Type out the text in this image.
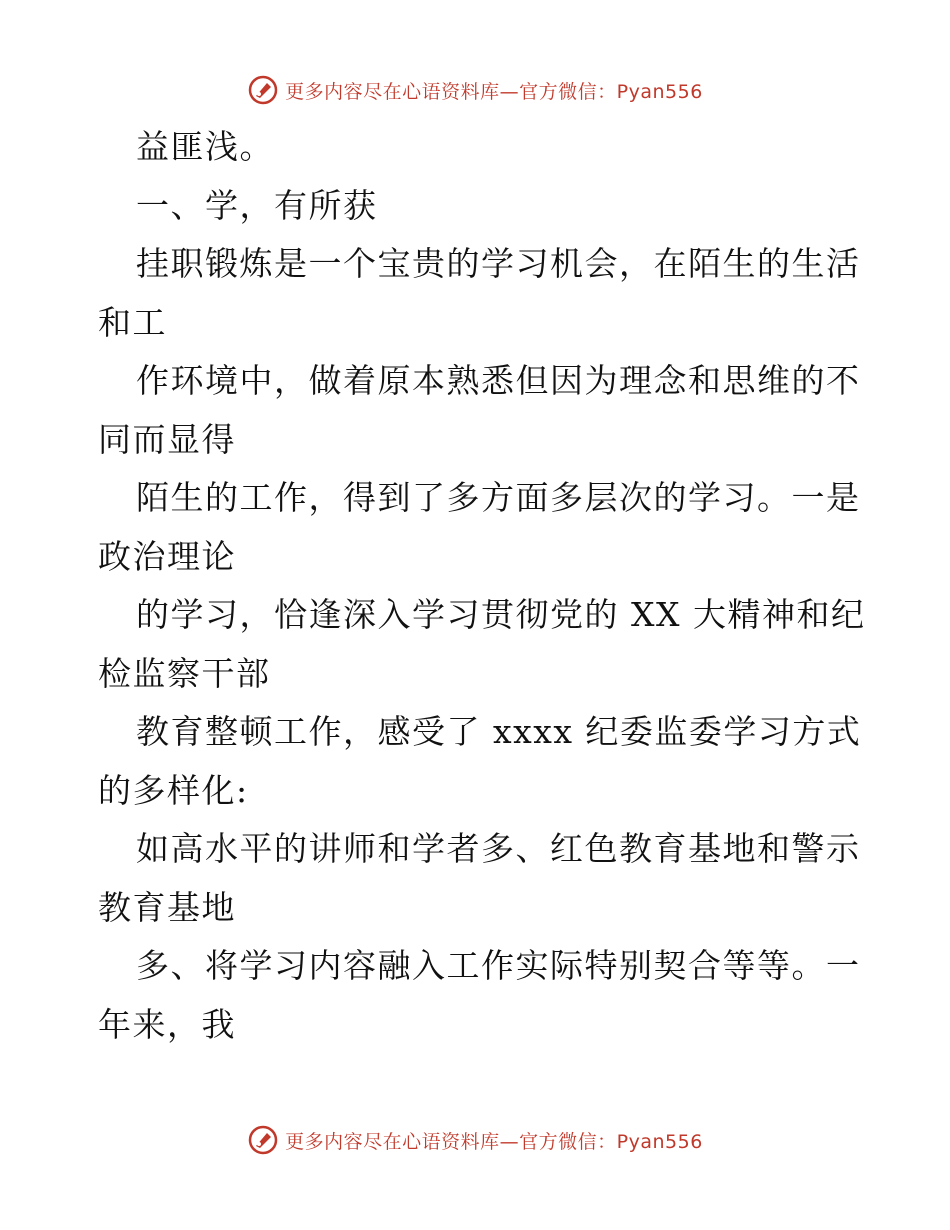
更多内容尽在心语资料库—官方微信：Pyan556
益匪浅。
一、学，有所获
挂职锻炼是一个宝贵的学习机会，在陌生的生活
和工
作环境中，做着原本熟悉但因为理念和思维的不
同而显得
陌生的工作，得到了多方面多层次的学习。一是
政治理论
的学习，恰逢深入学习贯彻党的 XX 大精神和纪
检监察干部
教育整顿工作，感受了 xxxx 纪委监委学习方式
的多样化:
如高水平的讲师和学者多、红色教育基地和警示
教育基地
多、将学习内容融入工作实际特别契合等等。一
年来，我
更多内容尽在心语资料库—官方微信：Pyan556
